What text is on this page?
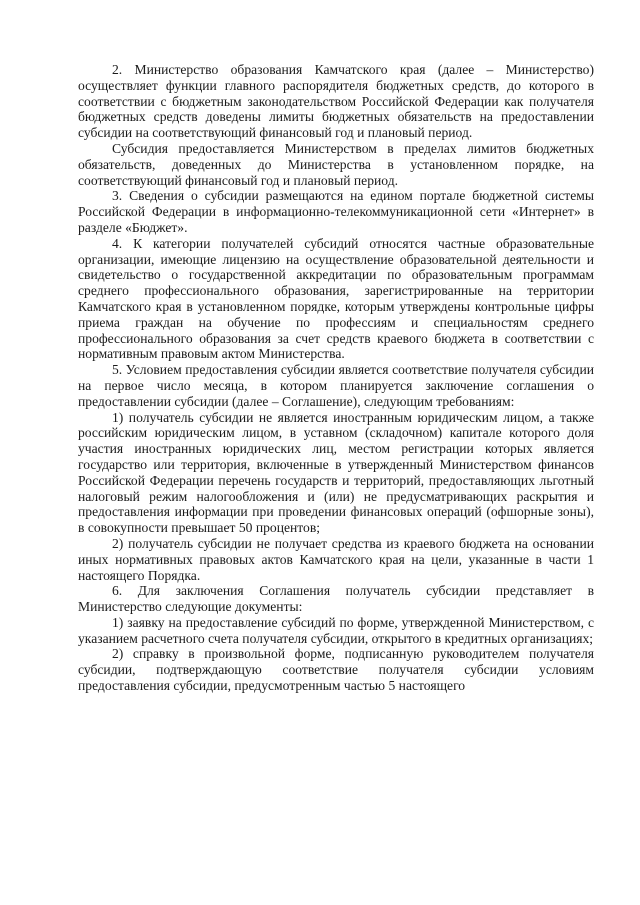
2. Министерство образования Камчатского края (далее – Министерство) осуществляет функции главного распорядителя бюджетных средств, до которого в соответствии с бюджетным законодательством Российской Федерации как получателя бюджетных средств доведены лимиты бюджетных обязательств на предоставлении субсидии на соответствующий финансовый год и плановый период.

Субсидия предоставляется Министерством в пределах лимитов бюджетных обязательств, доведенных до Министерства в установленном порядке, на соответствующий финансовый год и плановый период.

3. Сведения о субсидии размещаются на едином портале бюджетной системы Российской Федерации в информационно-телекоммуникационной сети «Интернет» в разделе «Бюджет».

4. К категории получателей субсидий относятся частные образовательные организации, имеющие лицензию на осуществление образовательной деятельности и свидетельство о государственной аккредитации по образовательным программам среднего профессионального образования, зарегистрированные на территории Камчатского края в установленном порядке, которым утверждены контрольные цифры приема граждан на обучение по профессиям и специальностям среднего профессионального образования за счет средств краевого бюджета в соответствии с нормативным правовым актом Министерства.

5. Условием предоставления субсидии является соответствие получателя субсидии на первое число месяца, в котором планируется заключение соглашения о предоставлении субсидии (далее – Соглашение), следующим требованиям:

1) получатель субсидии не является иностранным юридическим лицом, а также российским юридическим лицом, в уставном (складочном) капитале которого доля участия иностранных юридических лиц, местом регистрации которых является государство или территория, включенные в утвержденный Министерством финансов Российской Федерации перечень государств и территорий, предоставляющих льготный налоговый режим налогообложения и (или) не предусматривающих раскрытия и предоставления информации при проведении финансовых операций (офшорные зоны), в совокупности превышает 50 процентов;

2) получатель субсидии не получает средства из краевого бюджета на основании иных нормативных правовых актов Камчатского края на цели, указанные в части 1 настоящего Порядка.

6. Для заключения Соглашения получатель субсидии представляет в Министерство следующие документы:

1) заявку на предоставление субсидий по форме, утвержденной Министерством, с указанием расчетного счета получателя субсидии, открытого в кредитных организациях;

2) справку в произвольной форме, подписанную руководителем получателя субсидии, подтверждающую соответствие получателя субсидии условиям предоставления субсидии, предусмотренным частью 5 настоящего
